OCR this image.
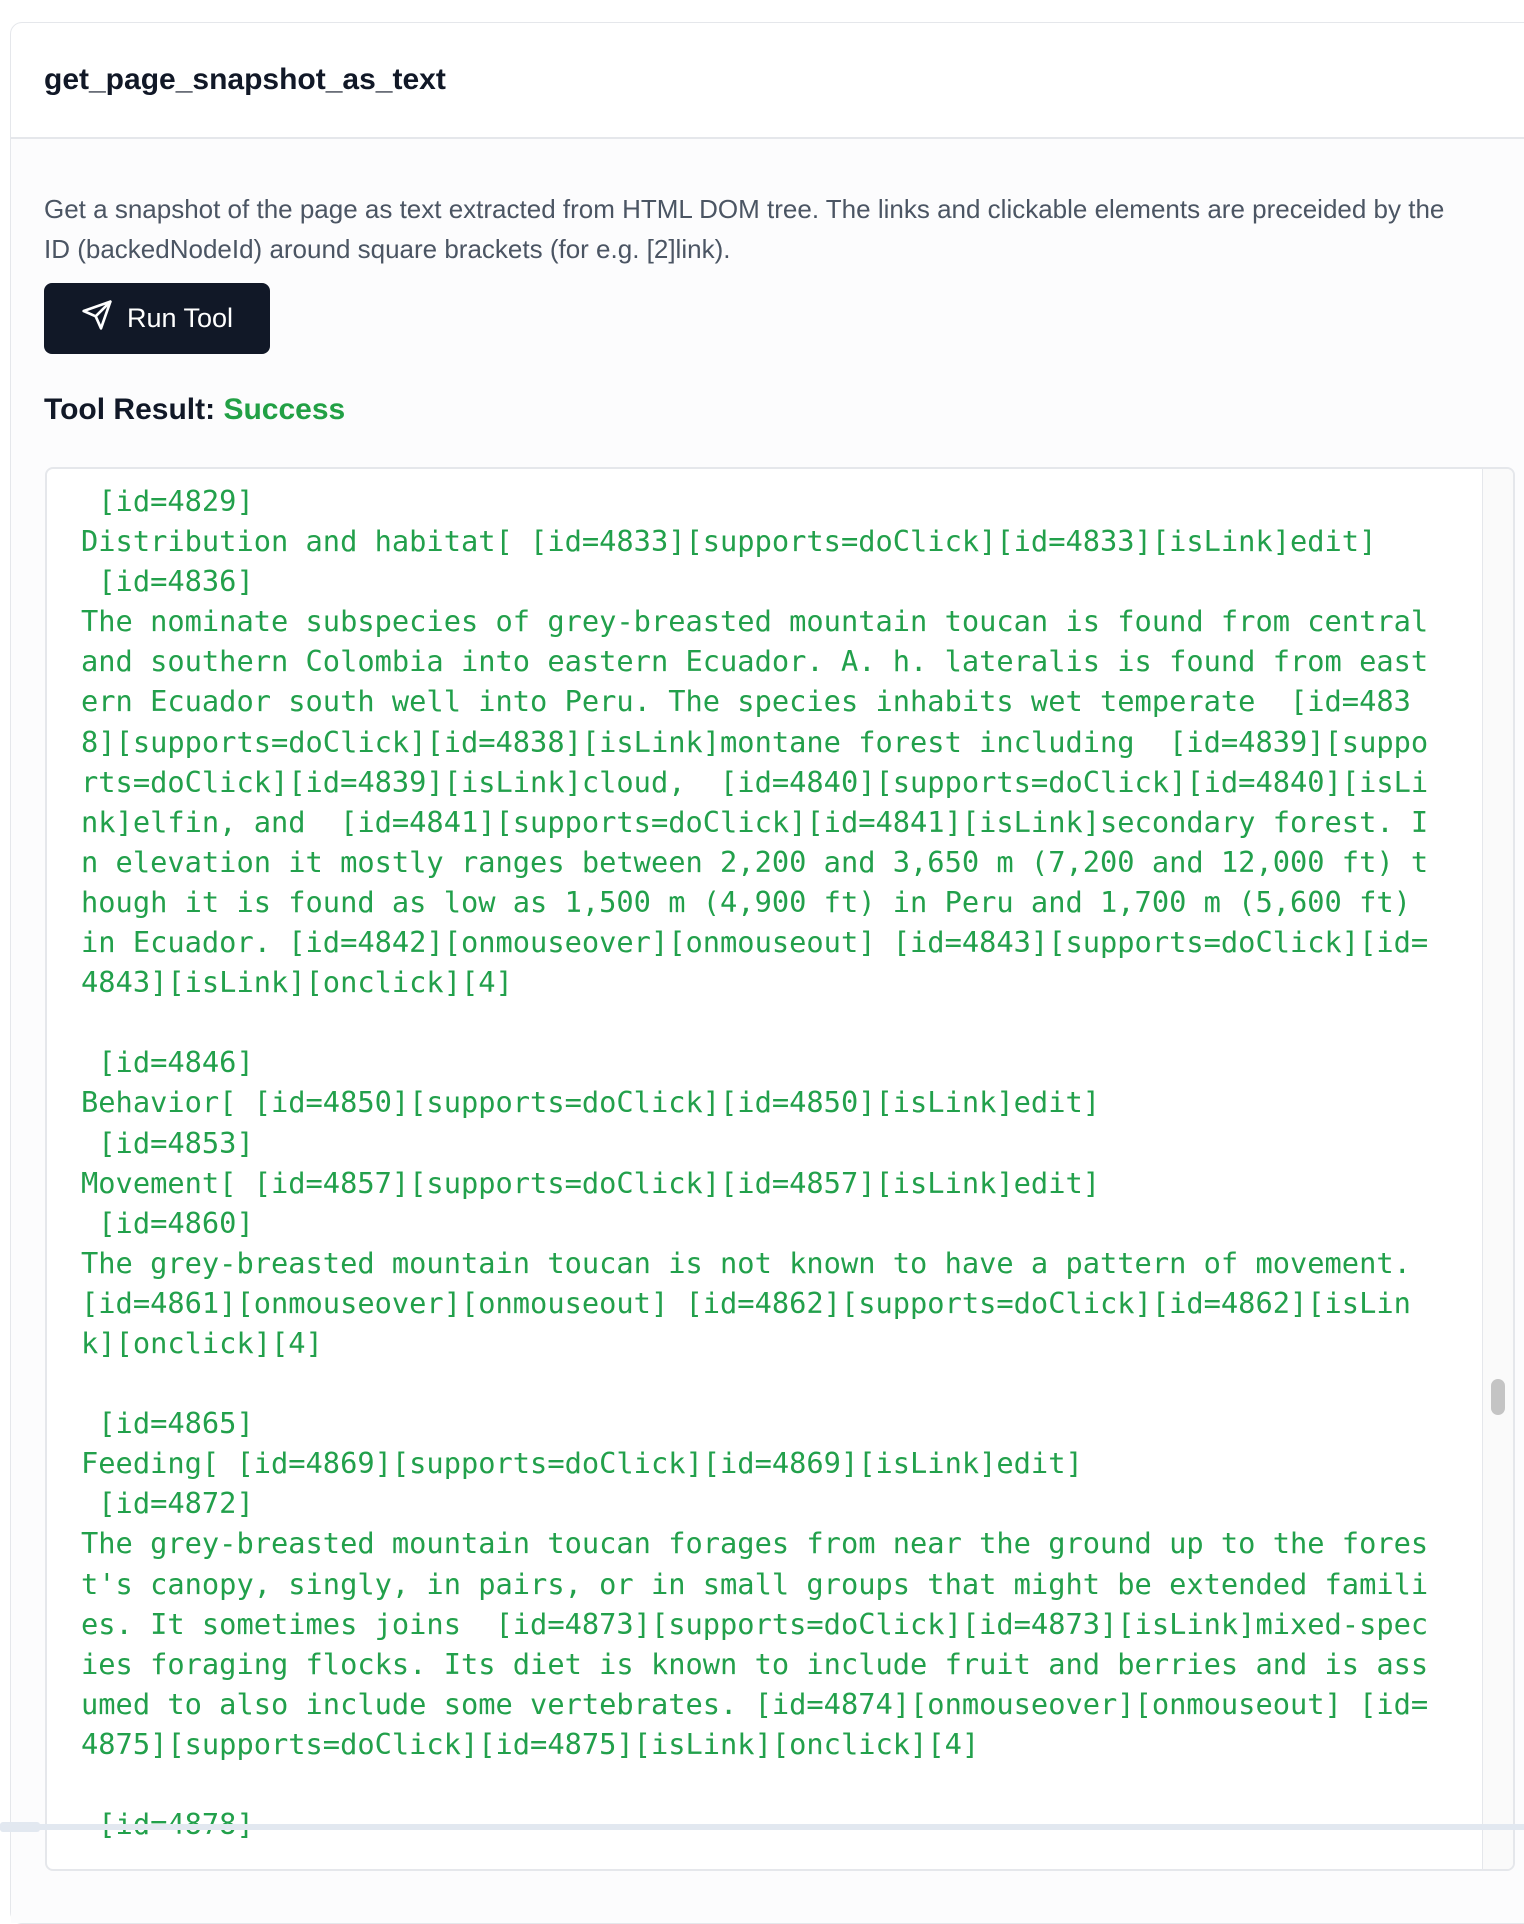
get_page_snapshot_as_text
Get a snapshot of the page as text extracted from HTML DOM tree. The links and clickable elements are preceided by the ID (backedNodeId) around square brackets (for e.g. [2]link).
Run Tool
Tool Result: Success
[id=4829]
Distribution and habitat[ [id=4833][supports=doClick][id=4833][isLink]edit]
[id=4836]
The nominate subspecies of grey-breasted mountain toucan is found from central
and southern Colombia into eastern Ecuador. A. h. lateralis is found from east
ern Ecuador south well into Peru. The species inhabits wet temperate  [id=483
8][supports=doClick][id=4838][isLink]montane forest including  [id=4839][suppo
rts=doClick][id=4839][isLink]cloud,  [id=4840][supports=doClick][id=4840][isLi
nk]elfin, and  [id=4841][supports=doClick][id=4841][isLink]secondary forest. I
n elevation it mostly ranges between 2,200 and 3,650 m (7,200 and 12,000 ft) t
hough it is found as low as 1,500 m (4,900 ft) in Peru and 1,700 m (5,600 ft)
in Ecuador. [id=4842][onmouseover][onmouseout] [id=4843][supports=doClick][id=
4843][isLink][onclick][4]

[id=4846]
Behavior[ [id=4850][supports=doClick][id=4850][isLink]edit]
[id=4853]
Movement[ [id=4857][supports=doClick][id=4857][isLink]edit]
[id=4860]
The grey-breasted mountain toucan is not known to have a pattern of movement.
[id=4861][onmouseover][onmouseout] [id=4862][supports=doClick][id=4862][isLin
k][onclick][4]

[id=4865]
Feeding[ [id=4869][supports=doClick][id=4869][isLink]edit]
[id=4872]
The grey-breasted mountain toucan forages from near the ground up to the fores
t's canopy, singly, in pairs, or in small groups that might be extended famili
es. It sometimes joins  [id=4873][supports=doClick][id=4873][isLink]mixed-spec
ies foraging flocks. Its diet is known to include fruit and berries and is ass
umed to also include some vertebrates. [id=4874][onmouseover][onmouseout] [id=
4875][supports=doClick][id=4875][isLink][onclick][4]
